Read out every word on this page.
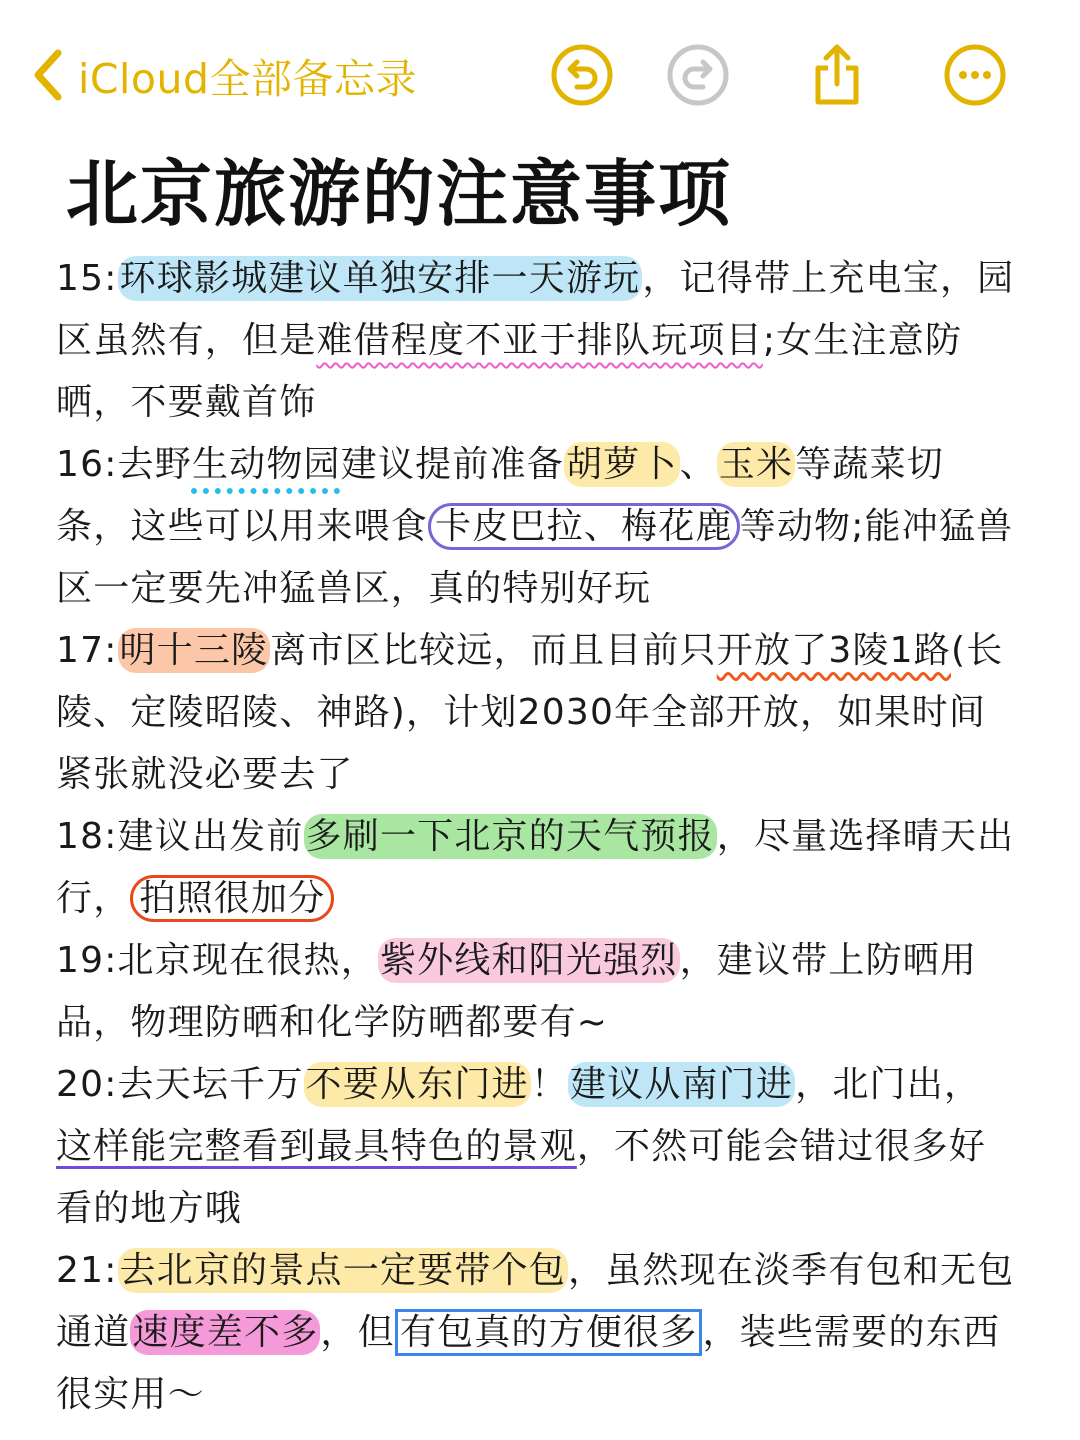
iCloud全部备忘录
北京旅游的注意事项

15:环球影城建议单独安排一天游玩，记得带上充电宝，园区虽然有，但是难借程度不亚于排队玩项目;女生注意防晒，不要戴首饰

16:去野生动物园建议提前准备胡萝卜、玉米等蔬菜切条，这些可以用来喂食 卡皮巴拉、梅花鹿 等动物;能冲猛兽区一定要先冲猛兽区，真的特别好玩

17:明十三陵离市区比较远，而且目前只开放了3陵1路(长陵、定陵昭陵、神路)，计划2030年全部开放，如果时间紧张就没必要去了

18:建议出发前多刷一下北京的天气预报，尽量选择晴天出行， 拍照很加分

19:北京现在很热，紫外线和阳光强烈，建议带上防晒用品，物理防晒和化学防晒都要有~

20:去天坛千万不要从东门进！建议从南门进，北门出，这样能完整看到最具特色的景观，不然可能会错过很多好看的地方哦

21:去北京的景点一定要带个包，虽然现在淡季有包和无包通道速度差不多，但 有包真的方便很多 ，装些需要的东西很实用～
